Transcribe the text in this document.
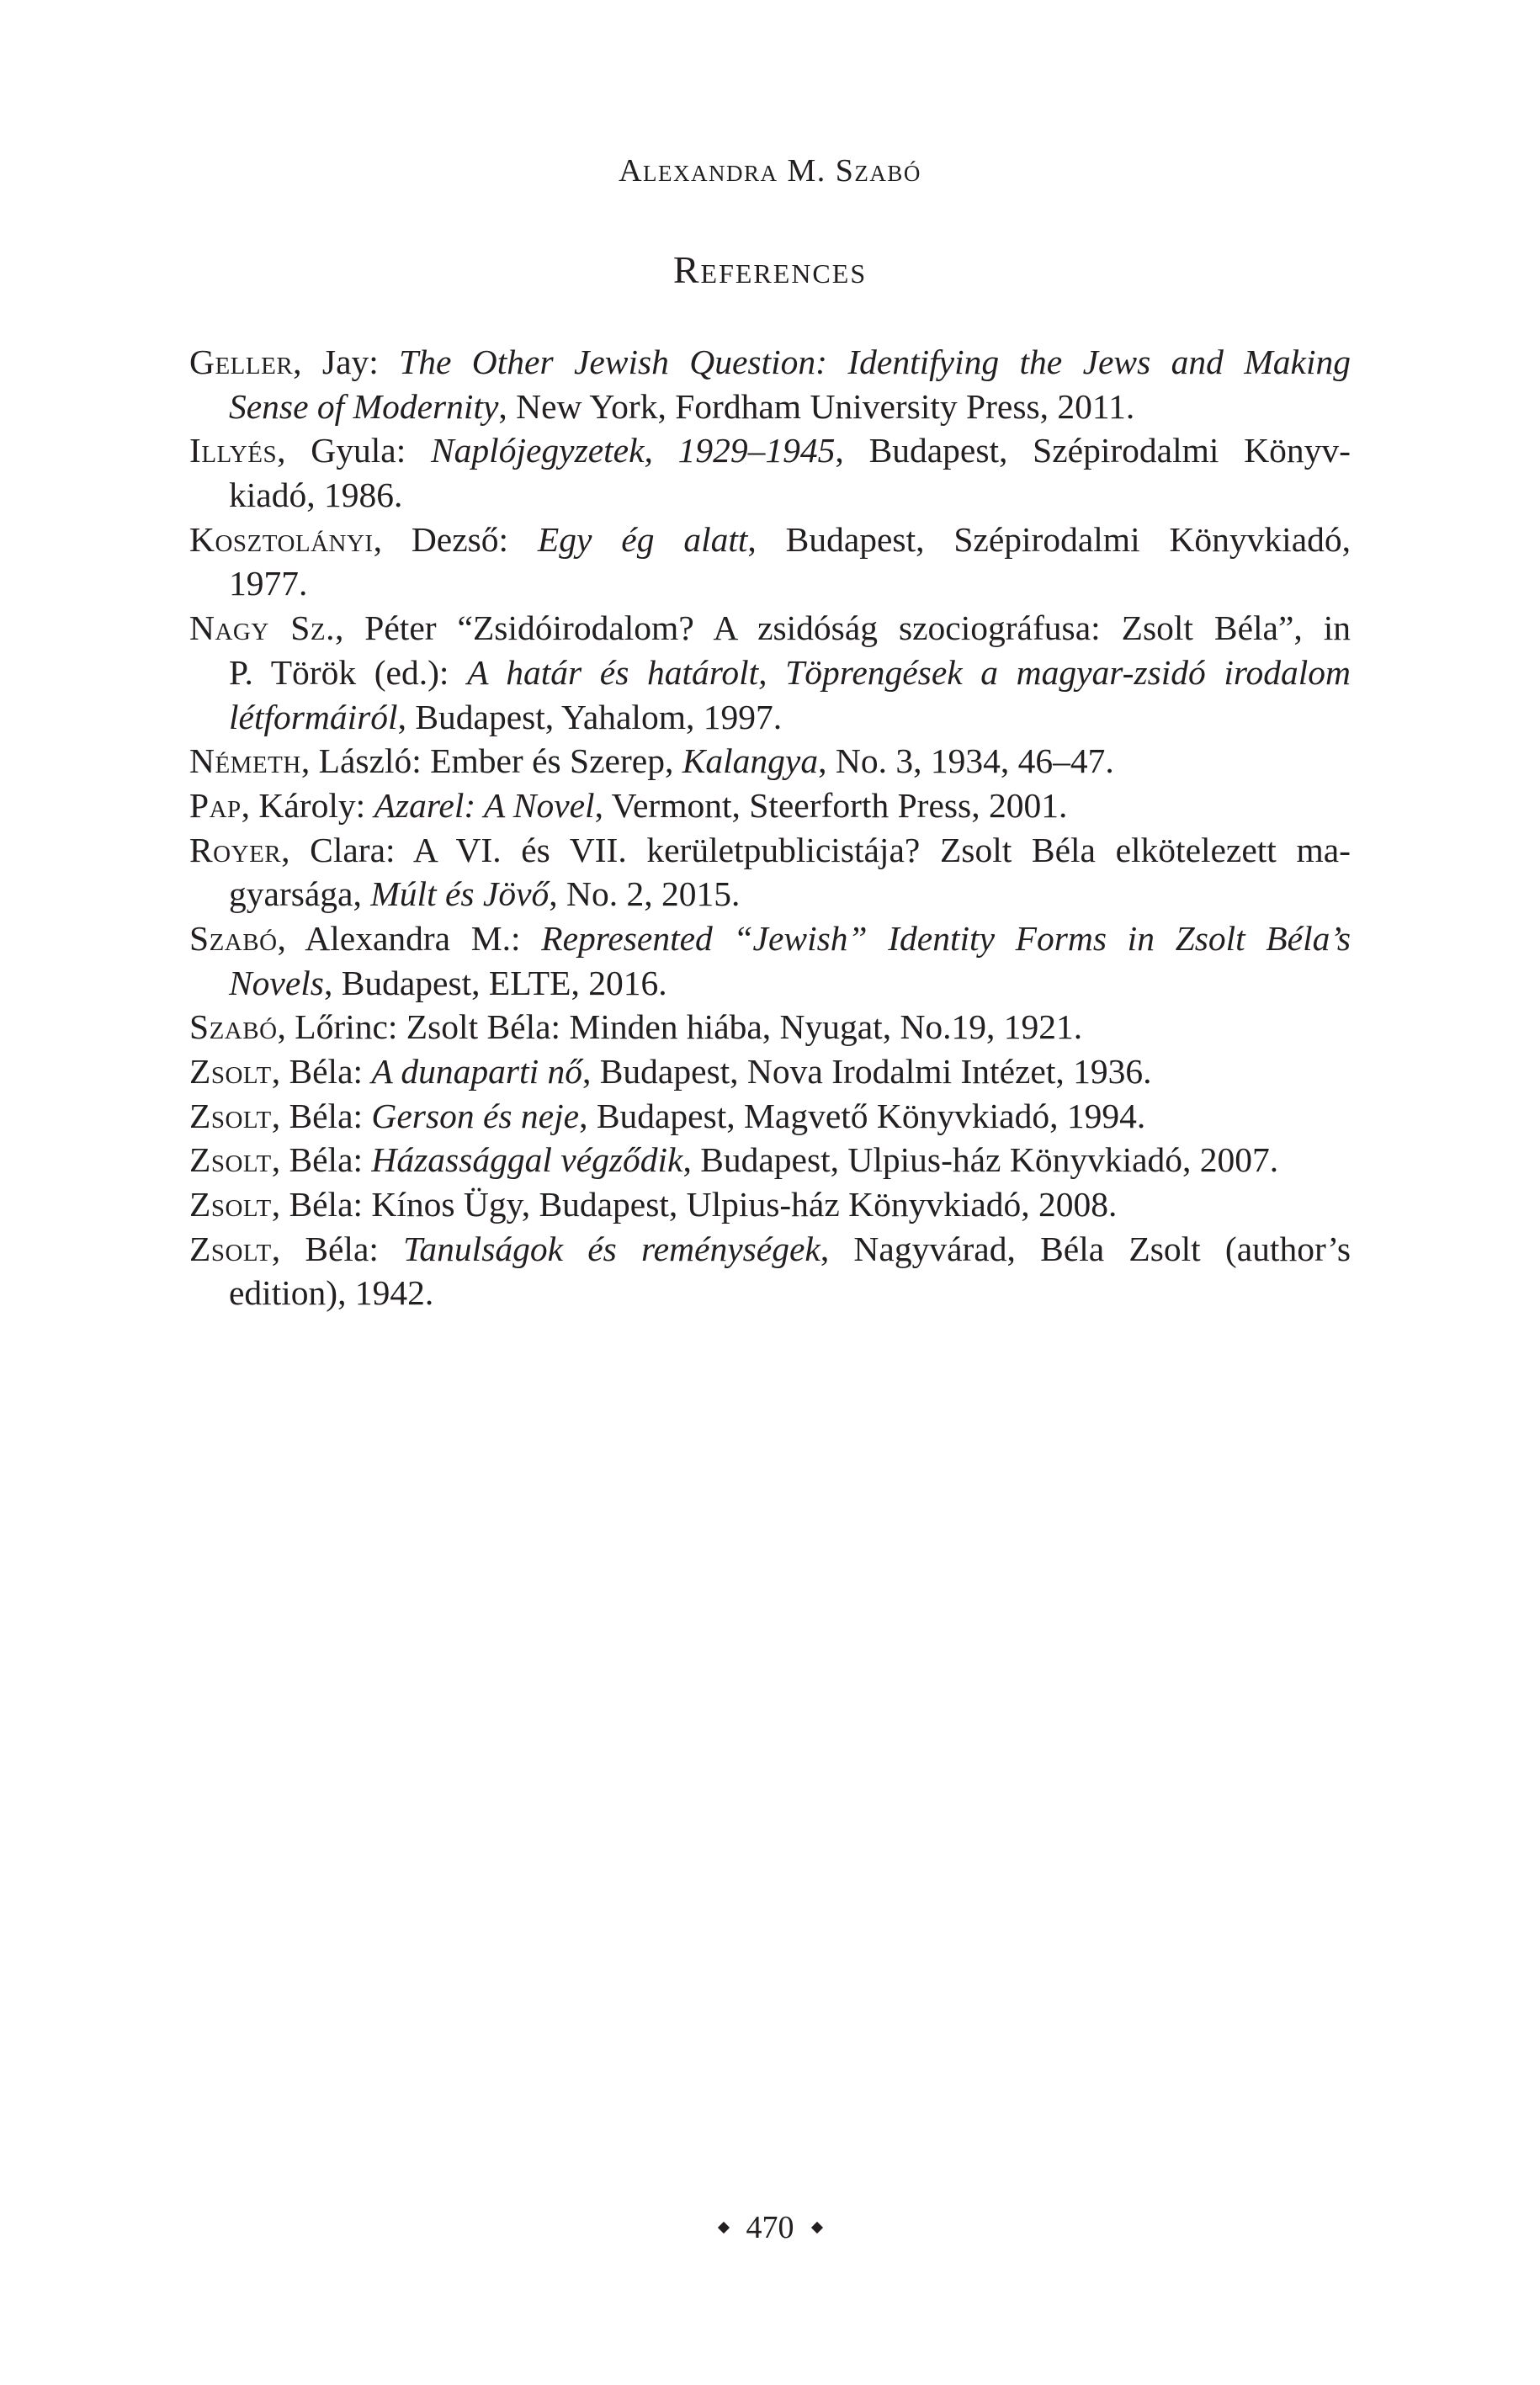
Alexandra M. Szabó
References
Geller, Jay: The Other Jewish Question: Identifying the Jews and Making
Sense of Modernity, New York, Fordham University Press, 2011.
Illyés, Gyula: Naplójegyzetek, 1929–1945, Budapest, Szépirodalmi Könyv-
kiadó, 1986.
Kosztolányi, Dezső: Egy ég alatt, Budapest, Szépirodalmi Könyvkiadó,
1977.
Nagy Sz., Péter “Zsidóirodalom? A zsidóság szociográfusa: Zsolt Béla”, in
P. Török (ed.): A határ és határolt, Töprengések a magyar-zsidó irodalom
létformáiról, Budapest, Yahalom, 1997.
Németh, László: Ember és Szerep, Kalangya, No. 3, 1934, 46–47.
Pap, Károly: Azarel: A Novel, Vermont, Steerforth Press, 2001.
Royer, Clara: A VI. és VII. kerületpublicistája? Zsolt Béla elkötelezett ma-
gyarsága, Múlt és Jövő, No. 2, 2015.
Szabó, Alexandra M.: Represented “Jewish” Identity Forms in Zsolt Béla’s
Novels, Budapest, ELTE, 2016.
Szabó, Lőrinc: Zsolt Béla: Minden hiába, Nyugat, No.19, 1921.
Zsolt, Béla: A dunaparti nő, Budapest, Nova Irodalmi Intézet, 1936.
Zsolt, Béla: Gerson és neje, Budapest, Magvető Könyvkiadó, 1994.
Zsolt, Béla: Házassággal végződik, Budapest, Ulpius-ház Könyvkiadó, 2007.
Zsolt, Béla: Kínos Ügy, Budapest, Ulpius-ház Könyvkiadó, 2008.
Zsolt, Béla: Tanulságok és reménységek, Nagyvárad, Béla Zsolt (author’s
edition), 1942.
470
